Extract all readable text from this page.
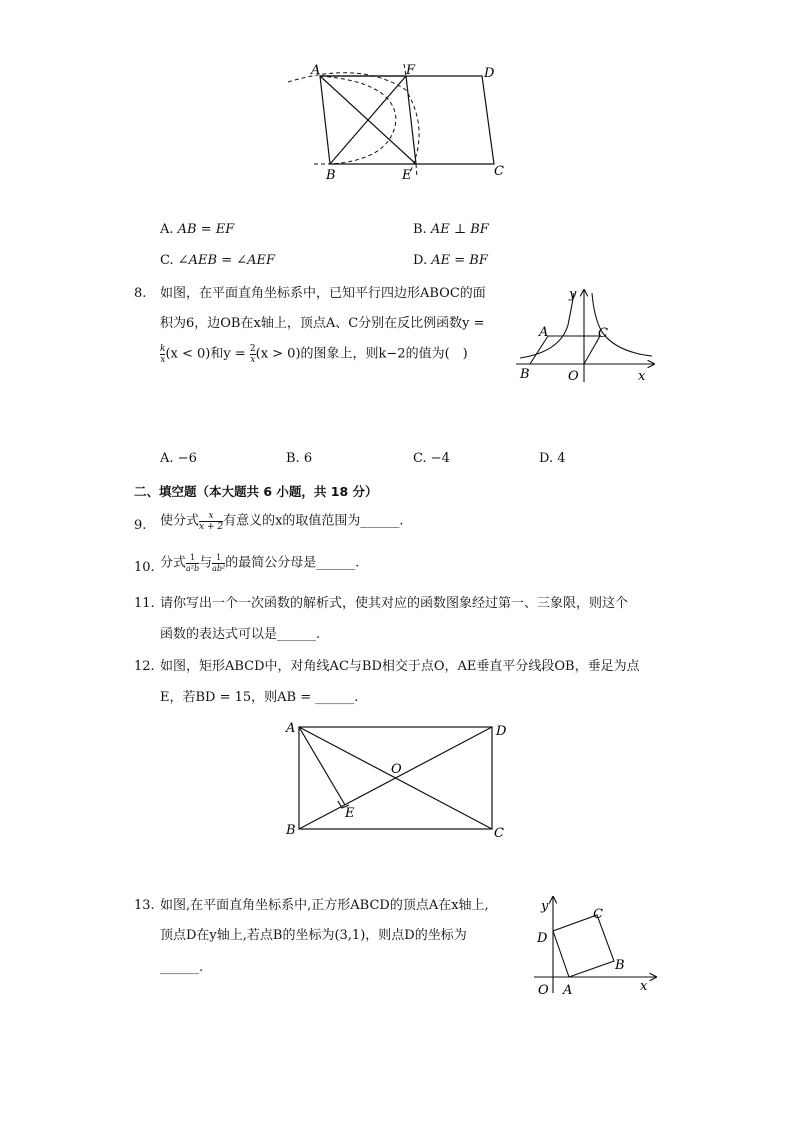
A	F	D
B	E	C
A. AB = EF	B. AE ⊥ BF
C. ∠AEB = ∠AEF	D. AE = BF
8. 如图，在平面直角坐标系中，已知平行四边形ABOC的面
积为6，边OB在x轴上，顶点A、C分别在反比例函数y =
$\frac{k}{x} (x < 0)$和$y = \frac{2}{x} (x > 0)$的图象上，则k−2的值为(　)
y
A	C
B	O	x
A. −6	B. 6	C. −4	D. 4
二、填空题（本大题共 6 小题，共 18 分）
9. 使分式 $\frac{x}{x + 2}$ 有意义的x的取值范围为______.
10. 分式 $\frac{1}{\text{a²b}}$ 与 $\frac{1}{\text{ab²}}$ 的最简公分母是______.
11. 请你写出一个一次函数的解析式，使其对应的函数图象经过第一、三象限，则这个
函数的表达式可以是______.
12. 如图，矩形ABCD中，对角线AC与BD相交于点O，AE垂直平分线段OB，垂足为点
E，若BD = 15，则AB = ______.
A	D
O
E
B	C
13. 如图,在平面直角坐标系中,正方形ABCD的顶点A在x轴上,
顶点D在y轴上,若点B的坐标为(3,1)，则点D的坐标为
______.
y
C
D
B
O A	x
